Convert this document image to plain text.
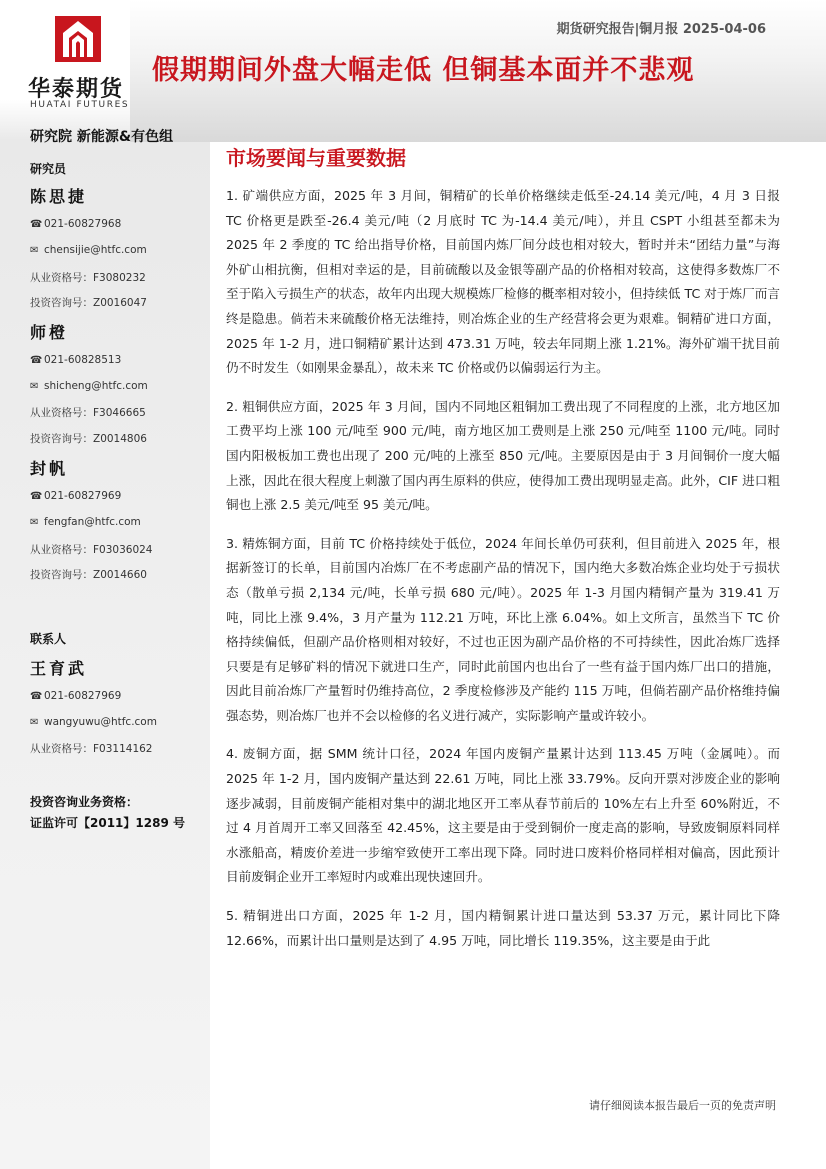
华泰期货
HUATAI FUTURES
期货研究报告|铜月报 2025-04-06
假期期间外盘大幅走低 但铜基本面并不悲观
研究院 新能源&有色组
研究员
陈思捷
☎ 021-60827968
✉ chensijie@htfc.com
从业资格号：F3080232
投资咨询号：Z0016047
师橙
☎ 021-60828513
✉ shicheng@htfc.com
从业资格号：F3046665
投资咨询号：Z0014806
封帆
☎ 021-60827969
✉ fengfan@htfc.com
从业资格号：F03036024
投资咨询号：Z0014660
联系人
王育武
☎ 021-60827969
✉ wangyuwu@htfc.com
从业资格号：F03114162
投资咨询业务资格：
证监许可【2011】1289 号
市场要闻与重要数据

1. 矿端供应方面，2025 年 3 月间，铜精矿的长单价格继续走低至-24.14 美元/吨，4 月 3 日报 TC 价格更是跌至-26.4 美元/吨（2 月底时 TC 为-14.4 美元/吨），并且 CSPT 小组甚至都未为 2025 年 2 季度的 TC 给出指导价格，目前国内炼厂间分歧也相对较大，暂时并未“团结力量”与海外矿山相抗衡，但相对幸运的是，目前硫酸以及金银等副产品的价格相对较高，这使得多数炼厂不至于陷入亏损生产的状态，故年内出现大规模炼厂检修的概率相对较小，但持续低 TC 对于炼厂而言终是隐患。倘若未来硫酸价格无法维持，则冶炼企业的生产经营将会更为艰难。铜精矿进口方面，2025 年 1-2 月，进口铜精矿累计达到 473.31 万吨，较去年同期上涨 1.21%。海外矿端干扰目前仍不时发生（如刚果金暴乱），故未来 TC 价格或仍以偏弱运行为主。

2. 粗铜供应方面，2025 年 3 月间，国内不同地区粗铜加工费出现了不同程度的上涨，北方地区加工费平均上涨 100 元/吨至 900 元/吨，南方地区加工费则是上涨 250 元/吨至 1100 元/吨。同时国内阳极板加工费也出现了 200 元/吨的上涨至 850 元/吨。主要原因是由于 3 月间铜价一度大幅上涨，因此在很大程度上刺激了国内再生原料的供应，使得加工费出现明显走高。此外，CIF 进口粗铜也上涨 2.5 美元/吨至 95 美元/吨。

3. 精炼铜方面，目前 TC 价格持续处于低位，2024 年间长单仍可获利，但目前进入 2025 年，根据新签订的长单，目前国内冶炼厂在不考虑副产品的情况下，国内绝大多数冶炼企业均处于亏损状态（散单亏损 2,134 元/吨，长单亏损 680 元/吨）。2025 年 1-3 月国内精铜产量为 319.41 万吨，同比上涨 9.4%，3 月产量为 112.21 万吨，环比上涨 6.04%。如上文所言，虽然当下 TC 价格持续偏低，但副产品价格则相对较好，不过也正因为副产品价格的不可持续性，因此冶炼厂选择只要是有足够矿料的情况下就进口生产，同时此前国内也出台了一些有益于国内炼厂出口的措施，因此目前冶炼厂产量暂时仍维持高位，2 季度检修涉及产能约 115 万吨，但倘若副产品价格维持偏强态势，则冶炼厂也并不会以检修的名义进行减产，实际影响产量或许较小。

4. 废铜方面，据 SMM 统计口径，2024 年国内废铜产量累计达到 113.45 万吨（金属吨）。而 2025 年 1-2 月，国内废铜产量达到 22.61 万吨，同比上涨 33.79%。反向开票对涉废企业的影响逐步减弱，目前废铜产能相对集中的湖北地区开工率从春节前后的 10%左右上升至 60%附近，不过 4 月首周开工率又回落至 42.45%，这主要是由于受到铜价一度走高的影响，导致废铜原料同样水涨船高，精废价差进一步缩窄致使开工率出现下降。同时进口废料价格同样相对偏高，因此预计目前废铜企业开工率短时内或难出现快速回升。

5. 精铜进出口方面，2025 年 1-2 月，国内精铜累计进口量达到 53.37 万元，累计同比下降 12.66%，而累计出口量则是达到了 4.95 万吨，同比增长 119.35%，这主要是由于此

请仔细阅读本报告最后一页的免责声明
